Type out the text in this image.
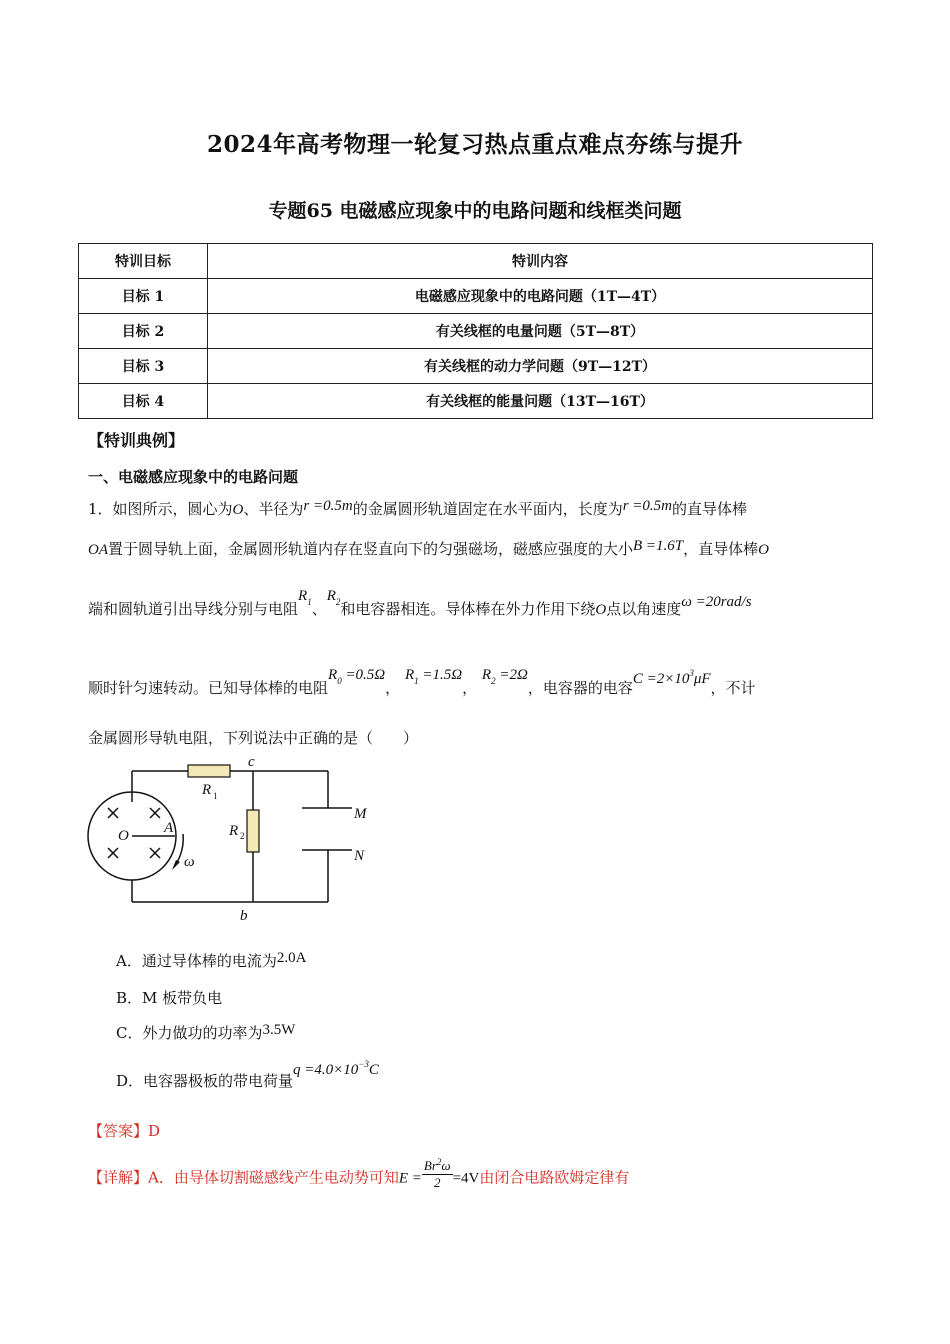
2024年高考物理一轮复习热点重点难点夯练与提升
专题65 电磁感应现象中的电路问题和线框类问题
特训目标	特训内容
目标 1	电磁感应现象中的电路问题（1T—4T）
目标 2	有关线框的电量问题（5T—8T）
目标 3	有关线框的动力学问题（9T—12T）
目标 4	有关线框的能量问题（13T—16T）
【特训典例】
一、电磁感应现象中的电路问题
1．如图所示，圆心为O、半径为r =0.5m的金属圆形轨道固定在水平面内，长度为r =0.5m的直导体棒
OA置于圆导轨上面，金属圆形轨道内存在竖直向下的匀强磁场，磁感应强度的大小B =1.6T，直导体棒O
端和圆轨道引出导线分别与电阻$R_1$、$R_2$和电容器相连。导体棒在外力作用下绕O点以角速度ω =20rad/s
顺时针匀速转动。已知导体棒的电阻$R_0 =0.5\Omega$， $R_1 =1.5\Omega$， $R_2 =2\Omega$，电容器的电容$C =2\times 10^3\mu F$，不计
金属圆形导轨电阻，下列说法中正确的是（　　）
c
b
M
N
O A
ω
R
R
1
2
A．通过导体棒的电流为2.0A
B．M 板带负电
C．外力做功的功率为3.5W
D．电容器极板的带电荷量$q =4.0\times 10^{-3}C$
【答案】D
【详解】A．由导体切割磁感线产生电动势可知$E = \frac{Br^2\omega}{2} =4V$由闭合电路欧姆定律有
